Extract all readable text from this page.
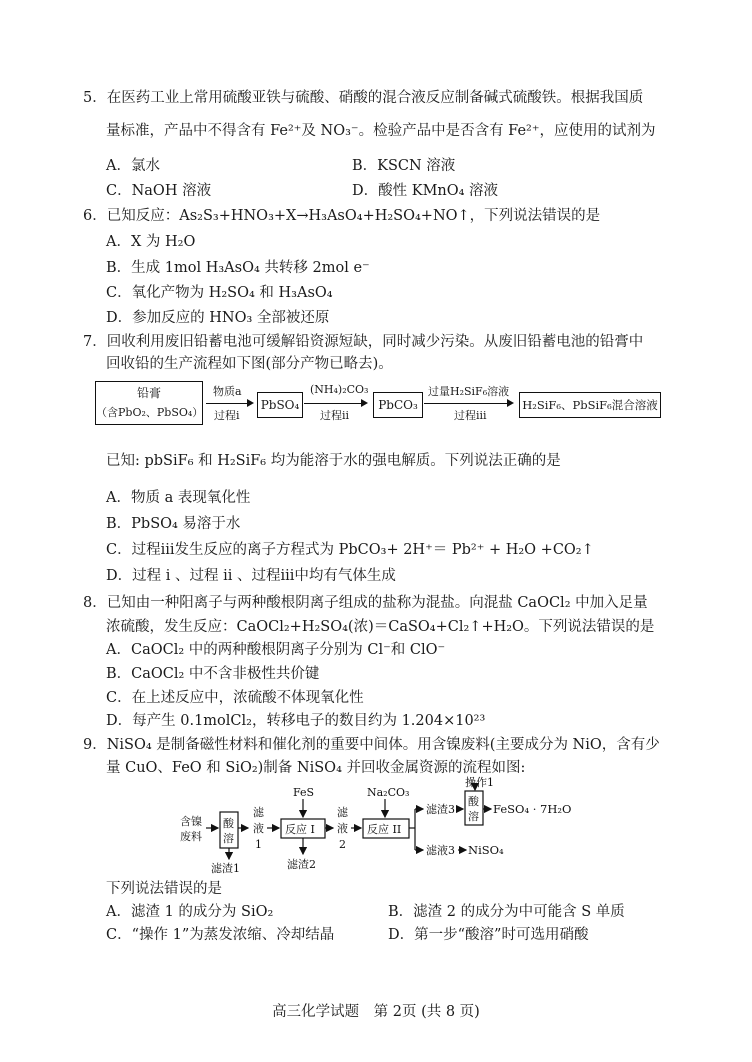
5．在医药工业上常用硫酸亚铁与硫酸、硝酸的混合液反应制备碱式硫酸铁。根据我国质
量标准，产品中不得含有 Fe²⁺及 NO₃⁻。检验产品中是否含有 Fe²⁺，应使用的试剂为
A．氯水	B．KSCN 溶液
C．NaOH 溶液	D．酸性 KMnO₄ 溶液
6．已知反应：As₂S₃+HNO₃+X→H₃AsO₄+H₂SO₄+NO↑，下列说法错误的是
A．X 为 H₂O
B．生成 1mol H₃AsO₄ 共转移 2mol e⁻
C．氧化产物为 H₂SO₄ 和 H₃AsO₄
D．参加反应的 HNO₃ 全部被还原
7．回收利用废旧铅蓄电池可缓解铅资源短缺，同时减少污染。从废旧铅蓄电池的铅膏中
回收铅的生产流程如下图(部分产物已略去)。
铅膏
（含PbO₂、PbSO₄）
物质a
过程i
PbSO₄
(NH₄)₂CO₃
过程ii
PbCO₃
过量H₂SiF₆溶液
过程iii
H₂SiF₆、PbSiF₆混合溶液
已知: pbSiF₆ 和 H₂SiF₆ 均为能溶于水的强电解质。下列说法正确的是
A．物质 a 表现氧化性
B．PbSO₄ 易溶于水
C．过程iii发生反应的离子方程式为 PbCO₃+ 2H⁺＝ Pb²⁺ + H₂O +CO₂↑
D．过程 i 、过程 ii 、过程iii中均有气体生成
8．已知由一种阳离子与两种酸根阴离子组成的盐称为混盐。向混盐 CaOCl₂ 中加入足量
浓硫酸，发生反应：CaOCl₂+H₂SO₄(浓)＝CaSO₄+Cl₂↑+H₂O。下列说法错误的是
A．CaOCl₂ 中的两种酸根阴离子分别为 Cl⁻和 ClO⁻
B．CaOCl₂ 中不含非极性共价键
C．在上述反应中，浓硫酸不体现氧化性
D．每产生 0.1molCl₂，转移电子的数目约为 1.204×10²³
9．NiSO₄ 是制备磁性材料和催化剂的重要中间体。用含镍废料(主要成分为 NiO，含有少
量 CuO、FeO 和 SiO₂)制备 NiSO₄ 并回收金属资源的流程如图:
含镍
废料
酸
溶
滤渣1
滤
液
1
FeS
反应 I
滤渣2
滤
液
2
Na₂CO₃
反应 II
滤渣3
操作1
酸
溶
FeSO₄ · 7H₂O
滤液3 NiSO₄
下列说法错误的是
A．滤渣 1 的成分为 SiO₂	B．滤渣 2 的成分为中可能含 S 单质
C．“操作 1”为蒸发浓缩、冷却结晶	D．第一步“酸溶”时可选用硝酸
高三化学试题　第 2页 (共 8 页)
